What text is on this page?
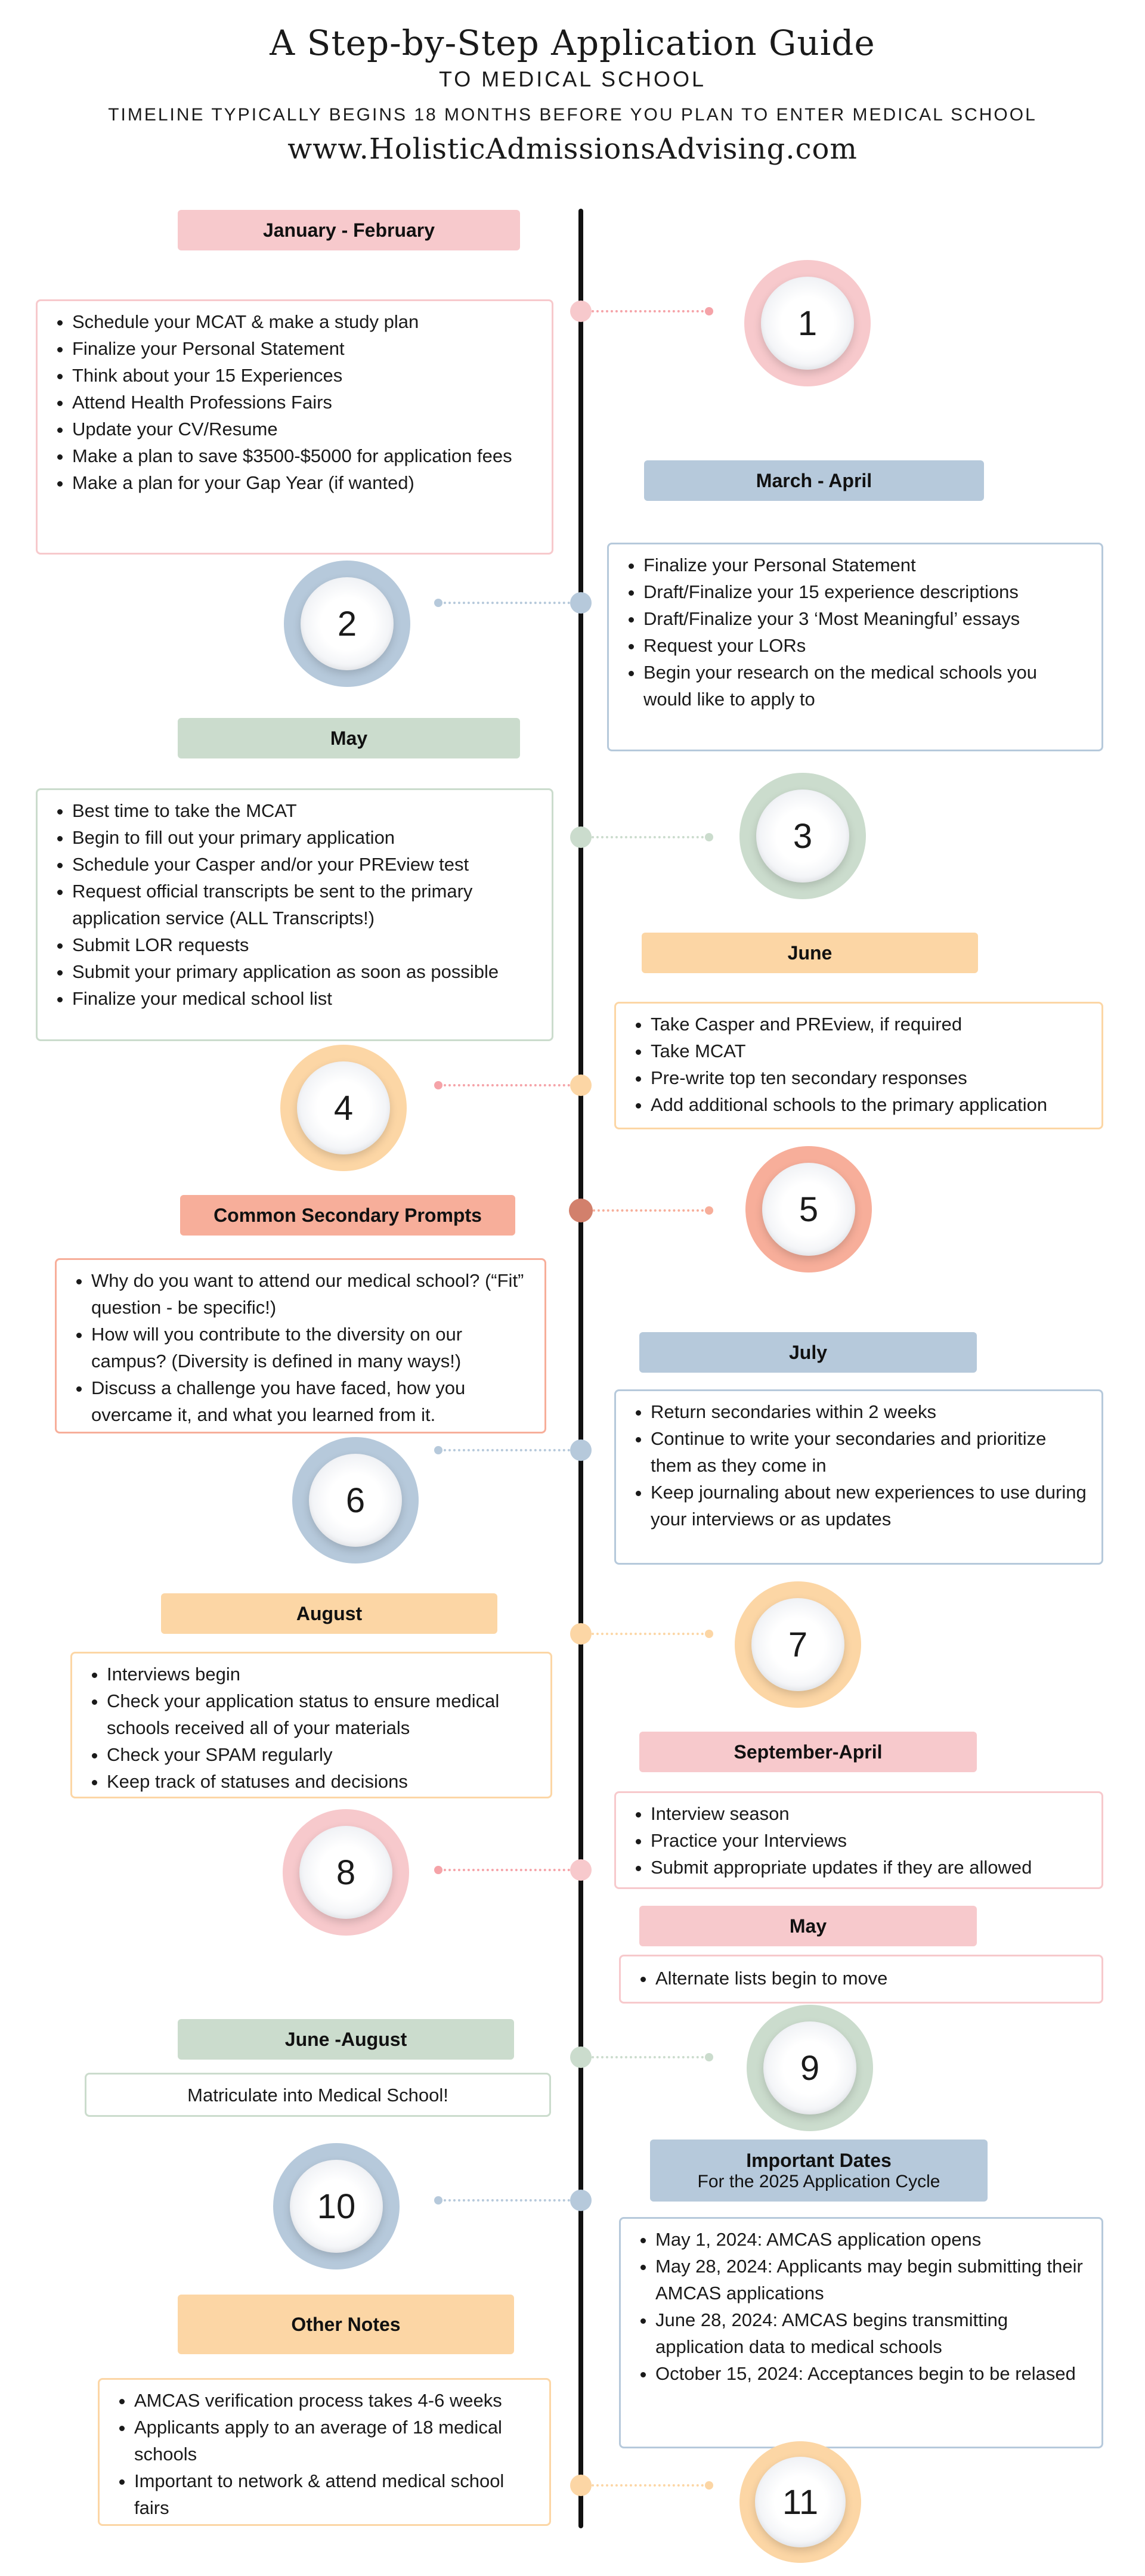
A Step-by-Step Application Guide
TO MEDICAL SCHOOL
TIMELINE TYPICALLY BEGINS 18 MONTHS BEFORE YOU PLAN TO ENTER MEDICAL SCHOOL
www.HolisticAdmissionsAdvising.com
January - February
• Schedule your MCAT & make a study plan
• Finalize your Personal Statement
• Think about your 15 Experiences
• Attend Health Professions Fairs
• Update your CV/Resume
• Make a plan to save $3500-$5000 for application fees
• Make a plan for your Gap Year (if wanted)
1
March - April
• Finalize your Personal Statement
• Draft/Finalize your 15 experience descriptions
• Draft/Finalize your 3 ‘Most Meaningful’ essays
• Request your LORs
• Begin your research on the medical schools you would like to apply to
2
May
• Best time to take the MCAT
• Begin to fill out your primary application
• Schedule your Casper and/or your PREview test
• Request official transcripts be sent to the primary application service (ALL Transcripts!)
• Submit LOR requests
• Submit your primary application as soon as possible
• Finalize your medical school list
3
June
• Take Casper and PREview, if required
• Take MCAT
• Pre-write top ten secondary responses
• Add additional schools to the primary application
4
Common Secondary Prompts
• Why do you want to attend our medical school? (“Fit” question - be specific!)
• How will you contribute to the diversity on our campus? (Diversity is defined in many ways!)
• Discuss a challenge you have faced, how you overcame it, and what you learned from it.
5
July
• Return secondaries within 2 weeks
• Continue to write your secondaries and prioritize them as they come in
• Keep journaling about new experiences to use during your interviews or as updates
6
August
• Interviews begin
• Check your application status to ensure medical schools received all of your materials
• Check your SPAM regularly
• Keep track of statuses and decisions
7
September-April
• Interview season
• Practice your Interviews
• Submit appropriate updates if they are allowed
8
May
• Alternate lists begin to move
9
June -August
Matriculate into Medical School!
10
Important Dates
For the 2025 Application Cycle
• May 1, 2024: AMCAS application opens
• May 28, 2024: Applicants may begin submitting their AMCAS applications
• June 28, 2024: AMCAS begins transmitting application data to medical schools
• October 15, 2024: Acceptances begin to be relased
Other Notes
• AMCAS verification process takes 4-6 weeks
• Applicants apply to an average of 18 medical schools
• Important to network & attend medical school fairs	11
